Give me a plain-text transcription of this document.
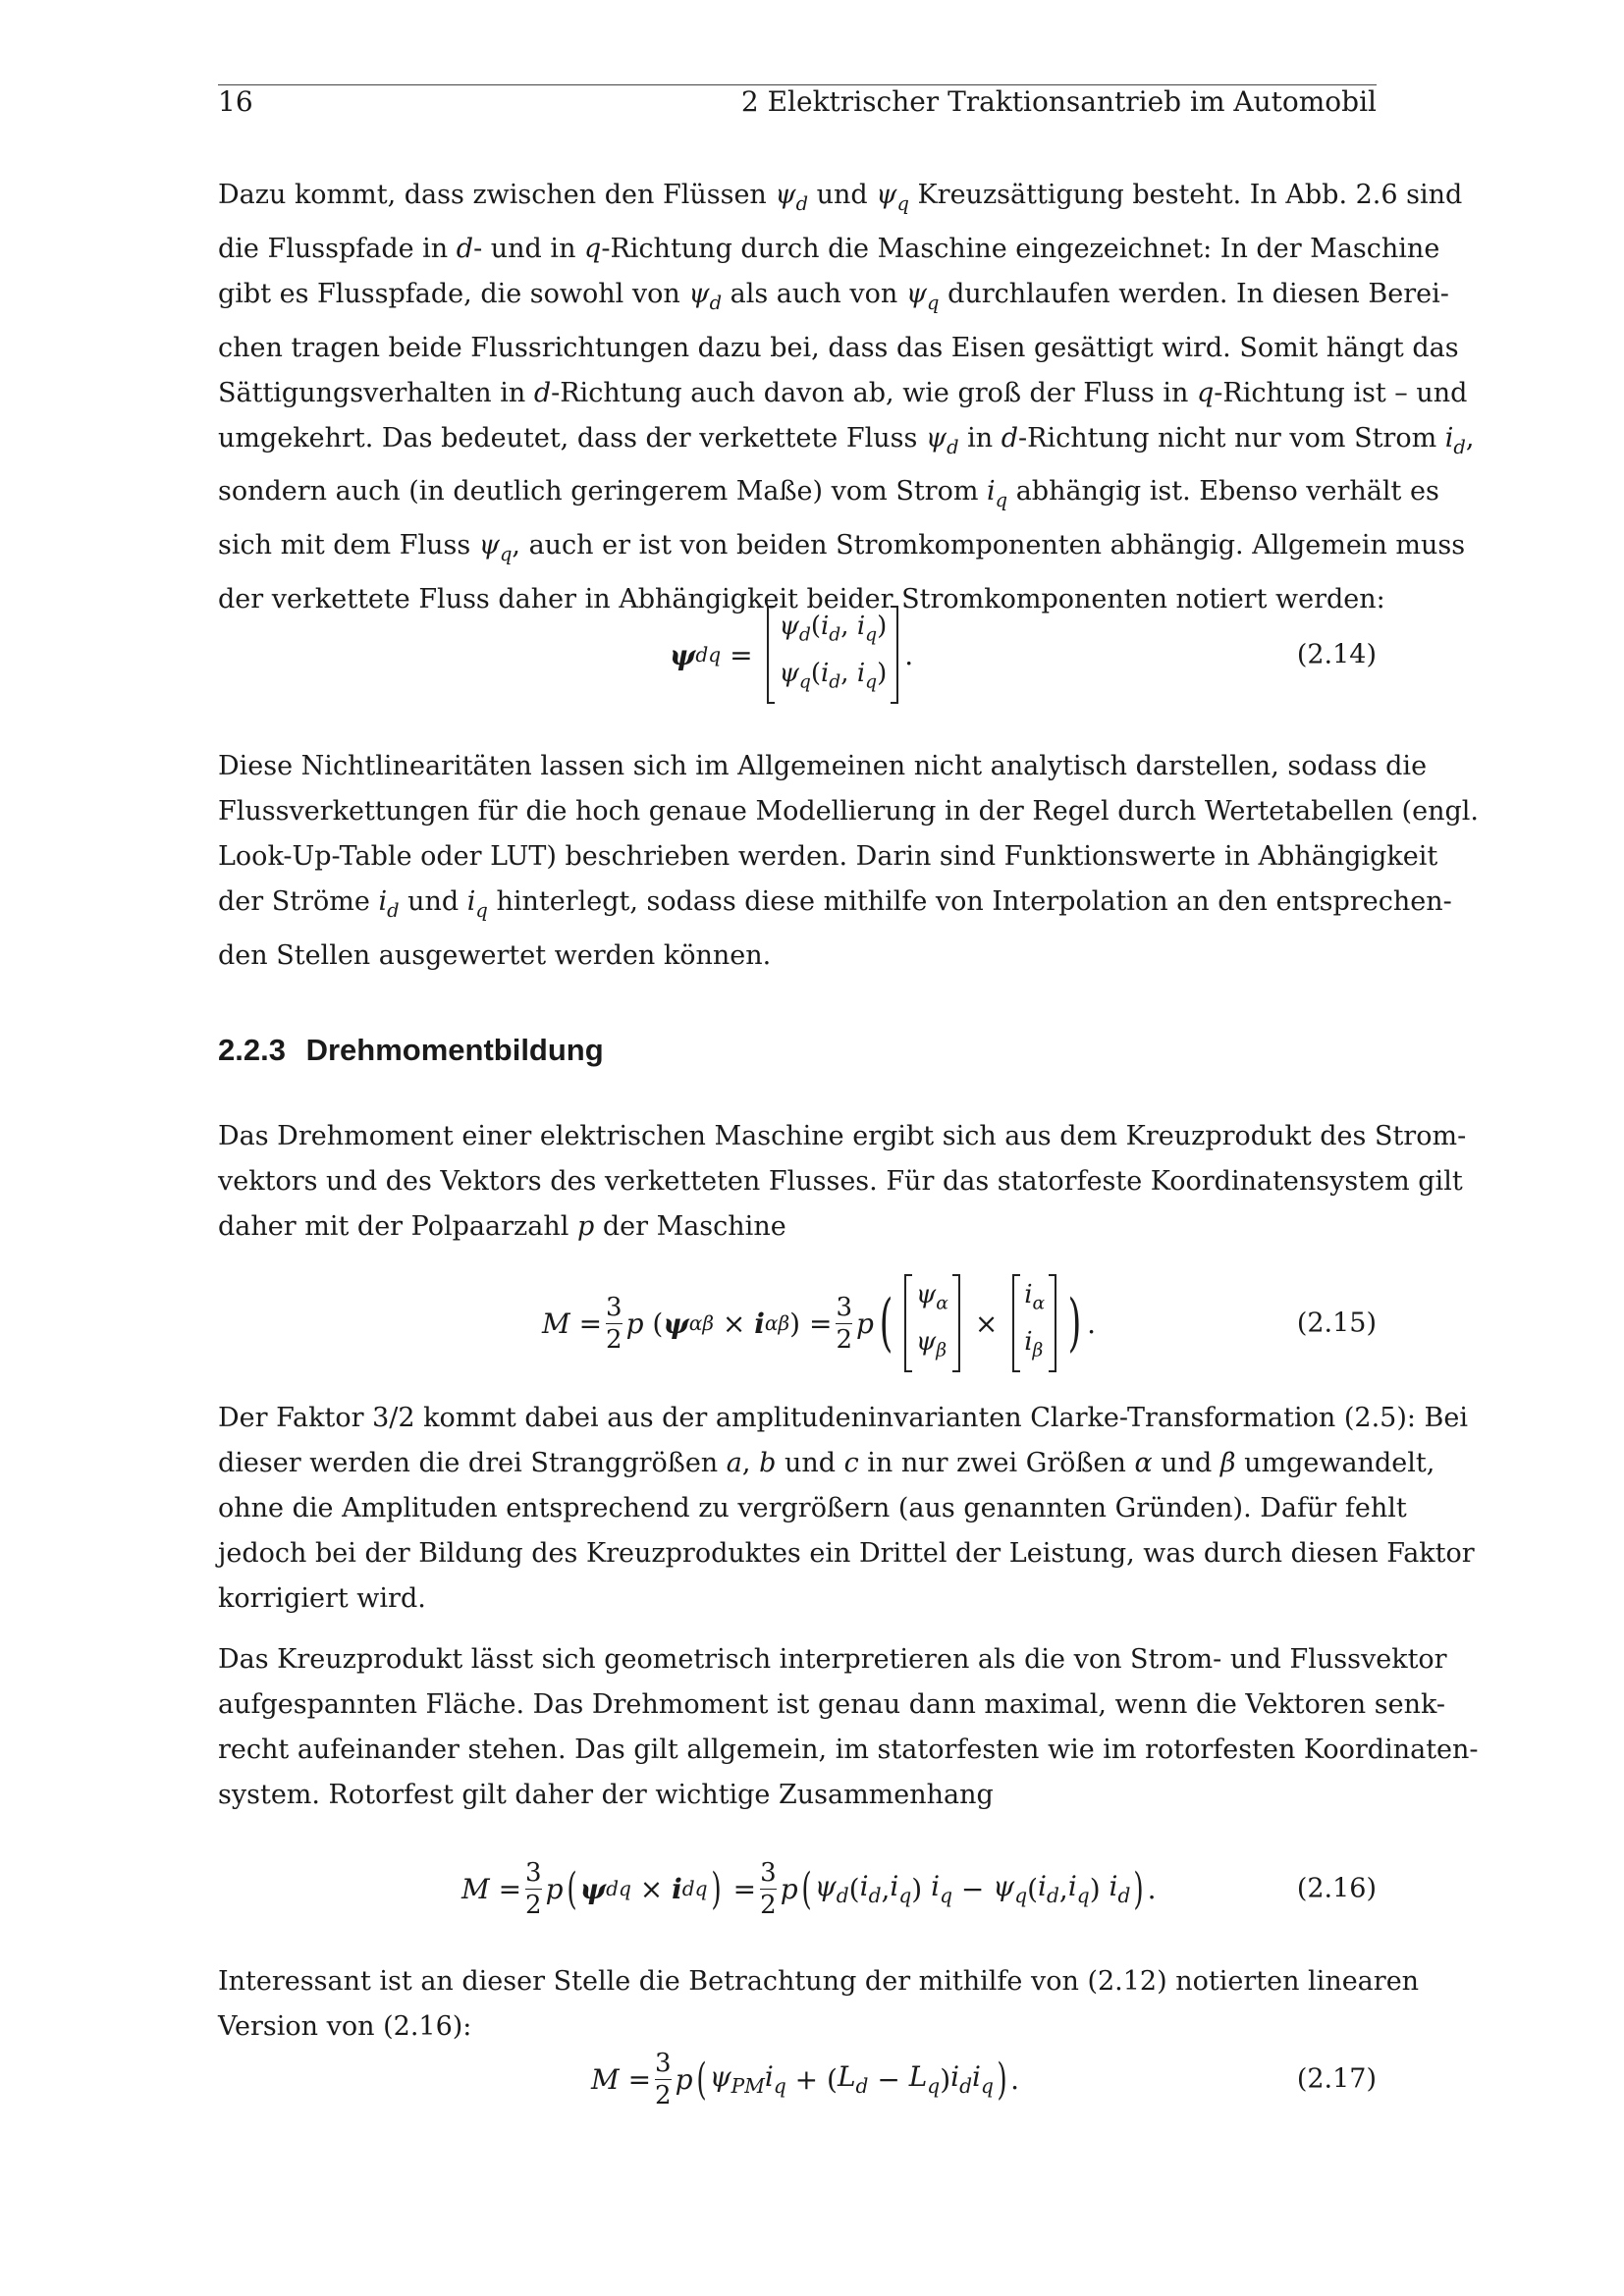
16	2 Elektrischer Traktionsantrieb im Automobil
Dazu kommt, dass zwischen den Flüssen $\psi_d$ und $\psi_q$ Kreuzsättigung besteht. In Abb. 2.6 sind
die Flusspfade in d- und in q-Richtung durch die Maschine eingezeichnet: In der Maschine
gibt es Flusspfade, die sowohl von $\psi_d$ als auch von $\psi_q$ durchlaufen werden. In diesen Berei-
chen tragen beide Flussrichtungen dazu bei, dass das Eisen gesättigt wird. Somit hängt das
Sättigungsverhalten in d-Richtung auch davon ab, wie groß der Fluss in q-Richtung ist – und
umgekehrt. Das bedeutet, dass der verkettete Fluss $\psi_d$ in d-Richtung nicht nur vom Strom $i_d$,
sondern auch (in deutlich geringerem Maße) vom Strom $i_q$ abhängig ist. Ebenso verhält es
sich mit dem Fluss $\psi_q$, auch er ist von beiden Stromkomponenten abhängig. Allgemein muss
der verkettete Fluss daher in Abhängigkeit beider Stromkomponenten notiert werden:
ψ dq =
$\psi_d(i_d$, $i_q$)
$\psi_q(i_d$, $i_q$)
.	(2.14)
Diese Nichtlinearitäten lassen sich im Allgemeinen nicht analytisch darstellen, sodass die
Flussverkettungen für die hoch genaue Modellierung in der Regel durch Wertetabellen (engl.
Look-Up-Table oder LUT) beschrieben werden. Darin sind Funktionswerte in Abhängigkeit
der Ströme $i_d$ und $i_q$ hinterlegt, sodass diese mithilfe von Interpolation an den entsprechen-
den Stellen ausgewertet werden können.
2.2.3 Drehmomentbildung
Das Drehmoment einer elektrischen Maschine ergibt sich aus dem Kreuzprodukt des Strom-
vektors und des Vektors des verketteten Flusses. Für das statorfeste Koordinatensystem gilt
daher mit der Polpaarzahl p der Maschine
$M = \frac{3}{2}$ p ( ψ αβ × i αβ ) = $\frac{3}{2}$ p ( $\psi_\alpha$
$\psi_\beta$
×
$i_\alpha$
$i_\beta$ ) .	(2.15)
Der Faktor 3/2 kommt dabei aus der amplitudeninvarianten Clarke-Transformation (2.5): Bei
dieser werden die drei Stranggrößen a, b und c in nur zwei Größen α und β umgewandelt,
ohne die Amplituden entsprechend zu vergrößern (aus genannten Gründen). Dafür fehlt
jedoch bei der Bildung des Kreuzproduktes ein Drittel der Leistung, was durch diesen Faktor
korrigiert wird.
Das Kreuzprodukt lässt sich geometrisch interpretieren als die von Strom- und Flussvektor
aufgespannten Fläche. Das Drehmoment ist genau dann maximal, wenn die Vektoren senk-
recht aufeinander stehen. Das gilt allgemein, im statorfesten wie im rotorfesten Koordinaten-
system. Rotorfest gilt daher der wichtige Zusammenhang
$M = \frac{3}{2}$ p ( ψ dq × i dq ) = $\frac{3}{2}$ p ( $\psi_d$ ( $i_d$ , $i_q$ ) $i_q - \psi_q$ ( $i_d$ , $i_q$ ) $i_d$ ) .	(2.16)
Interessant ist an dieser Stelle die Betrachtung der mithilfe von (2.12) notierten linearen
Version von (2.16):
$M = \frac{3}{2}$ p ( $\psi_{PM}$ $i_q$ + ( $L_d - L_q$ ) $i_di_q$ ) .	(2.17)
